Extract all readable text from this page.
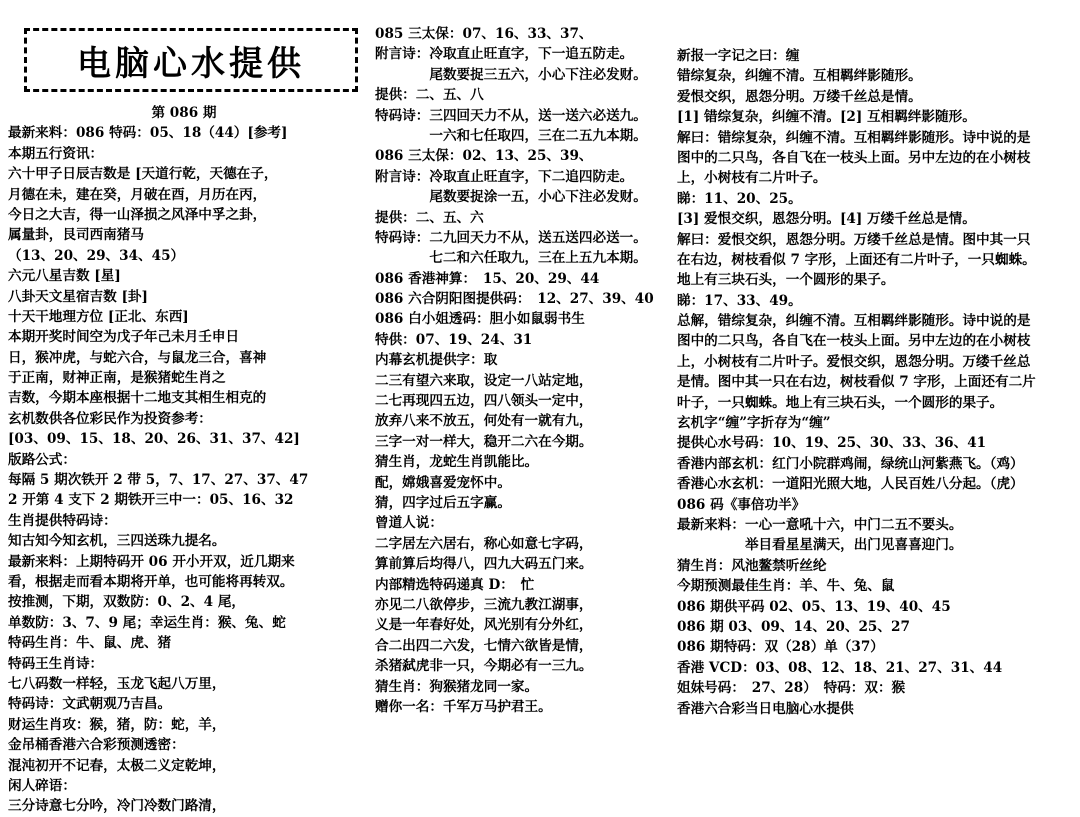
电脑心水提供
第 086 期
最新来料：086 特码：05、18（44）[参考]
本期五行资讯：
六十甲子日辰吉数是 [天道行乾，天德在子，
月德在未，建在癸，月破在酉，月历在丙，
今日之大吉，得一山泽损之风泽中孚之卦，
属量卦，艮司西南猪马
（13、20、29、34、45）
六元八星吉数 [星]
八卦天文星宿吉数 [卦]
十天干地理方位 [正北、东西]
本期开奖时间空为戊子年己未月壬申日
日，猴冲虎，与蛇六合，与鼠龙三合，喜神
于正南，财神正南，是猴猪蛇生肖之
吉数，今期本座根据十二地支其相生相克的
玄机数供各位彩民作为投资参考：
[03、09、15、18、20、26、31、37、42]
版路公式：
每隔 5 期次铁开 2 带 5，7、17、27、37、47
2 开第 4 支下 2 期铁开三中一：05、16、32
生肖提供特码诗：
知古知今知玄机，三四送珠九提名。
最新来料：上期特码开 06 开小开双，近几期来
看，根据走而看本期将开单，也可能将再转双。
按推测，下期，双数防：0、2、4 尾，
单数防：3、7、9 尾；幸运生肖：猴、兔、蛇
特码生肖：牛、鼠、虎、猪
特码王生肖诗：
七八码数一样轻，玉龙飞起八万里，
特码诗：文武朝观乃吉昌。
财运生肖攻：猴，猪，防：蛇，羊，
金吊桶香港六合彩预测透密：
混沌初开不记春，太极二义定乾坤，
闲人碎语：
三分诗意七分吟，冷门冷数门路清，
085 三太保：07、16、33、37、
附言诗：冷取直止旺直字，下一追五防走。
　　　　尾数要捉三五六，小心下注必发财。
提供：二、五、八
特码诗：三四回天力不从，送一送六必送九。
　　　　一六和七任取四，三在二五九本期。
086 三太保：02、13、25、39、
附言诗：冷取直止旺直字，下二追四防走。
　　　　尾数要捉涂一五，小心下注必发财。
提供：二、五、六
特码诗：二九回天力不从，送五送四必送一。
　　　　七二和六任取九，三在上五九本期。
086 香港神算：　15、20、29、44
086 六合阴阳图提供码：　12、27、39、40
086 白小姐透码：胆小如鼠弱书生
特供：07、19、24、31
内幕玄机提供字：取
二三有望六来取，设定一八站定地，
二七再现四五边，四八领头一定中，
放弃八来不放五，何处有一就有九，
三字一对一样大，稳开二六在今期。
猜生肖，龙蛇生肖凯能比。
配，嫦娥喜爱宠怀中。
猜，四字过后五字赢。
曾道人说：
二字居左六居右，称心如意七字码，
算前算后均得八，四九大码五门来。
内部精选特码递真 D：　忙
亦见二八欲停步，三流九教江湖事，
义是一年春好处，风光别有分外红，
合二出四二六发，七情六欲皆是情，
杀猪弑虎非一只，今期必有一三九。
猜生肖：狗猴猪龙同一家。
赠你一名：千军万马护君王。
新报一字记之曰：缠
错综复杂，纠缠不清。互相羁绊影随形。
爱恨交织，恩怨分明。万缕千丝总是情。
[1] 错综复杂，纠缠不清。[2] 互相羁绊影随形。
解曰：错综复杂，纠缠不清。互相羁绊影随形。诗中说的是
图中的二只鸟，各自飞在一枝头上面。另中左边的在小树枝
上，小树枝有二片叶子。
睇：11、20、25。
[3] 爱恨交织，恩怨分明。[4] 万缕千丝总是情。
解曰：爱恨交织，恩怨分明。万缕千丝总是情。图中其一只
在右边，树枝看似 7 字形，上面还有二片叶子，一只蜘蛛。
地上有三块石头，一个圆形的果子。
睇：17、33、49。
总解，错综复杂，纠缠不清。互相羁绊影随形。诗中说的是
图中的二只鸟，各自飞在一枝头上面。另中左边的在小树枝
上，小树枝有二片叶子。爱恨交织，恩怨分明。万缕千丝总
是情。图中其一只在右边，树枝看似 7 字形，上面还有二片
叶子，一只蜘蛛。地上有三块石头，一个圆形的果子。
玄机字“缠”字折存为“缠”
提供心水号码：10、19、25、30、33、36、41
香港内部玄机：红门小院群鸡闹，绿统山河紫燕飞。（鸡）
香港心水玄机：一道阳光照大地，人民百姓八分起。（虎）
086 码《事倍功半》
最新来料：一心一意吼十六，中门二五不要头。
　　　　　举目看星星满天，出门见喜喜迎门。
猜生肖：风池鳌禁听丝纶
今期预测最佳生肖：羊、牛、兔、鼠
086 期供平码 02、05、13、19、40、45
086 期 03、09、14、20、25、27
086 期特码：双（28）单（37）
香港 VCD：03、08、12、18、21、27、31、44
姐妹号码：　27、28）　特码：双：猴
香港六合彩当日电脑心水提供
